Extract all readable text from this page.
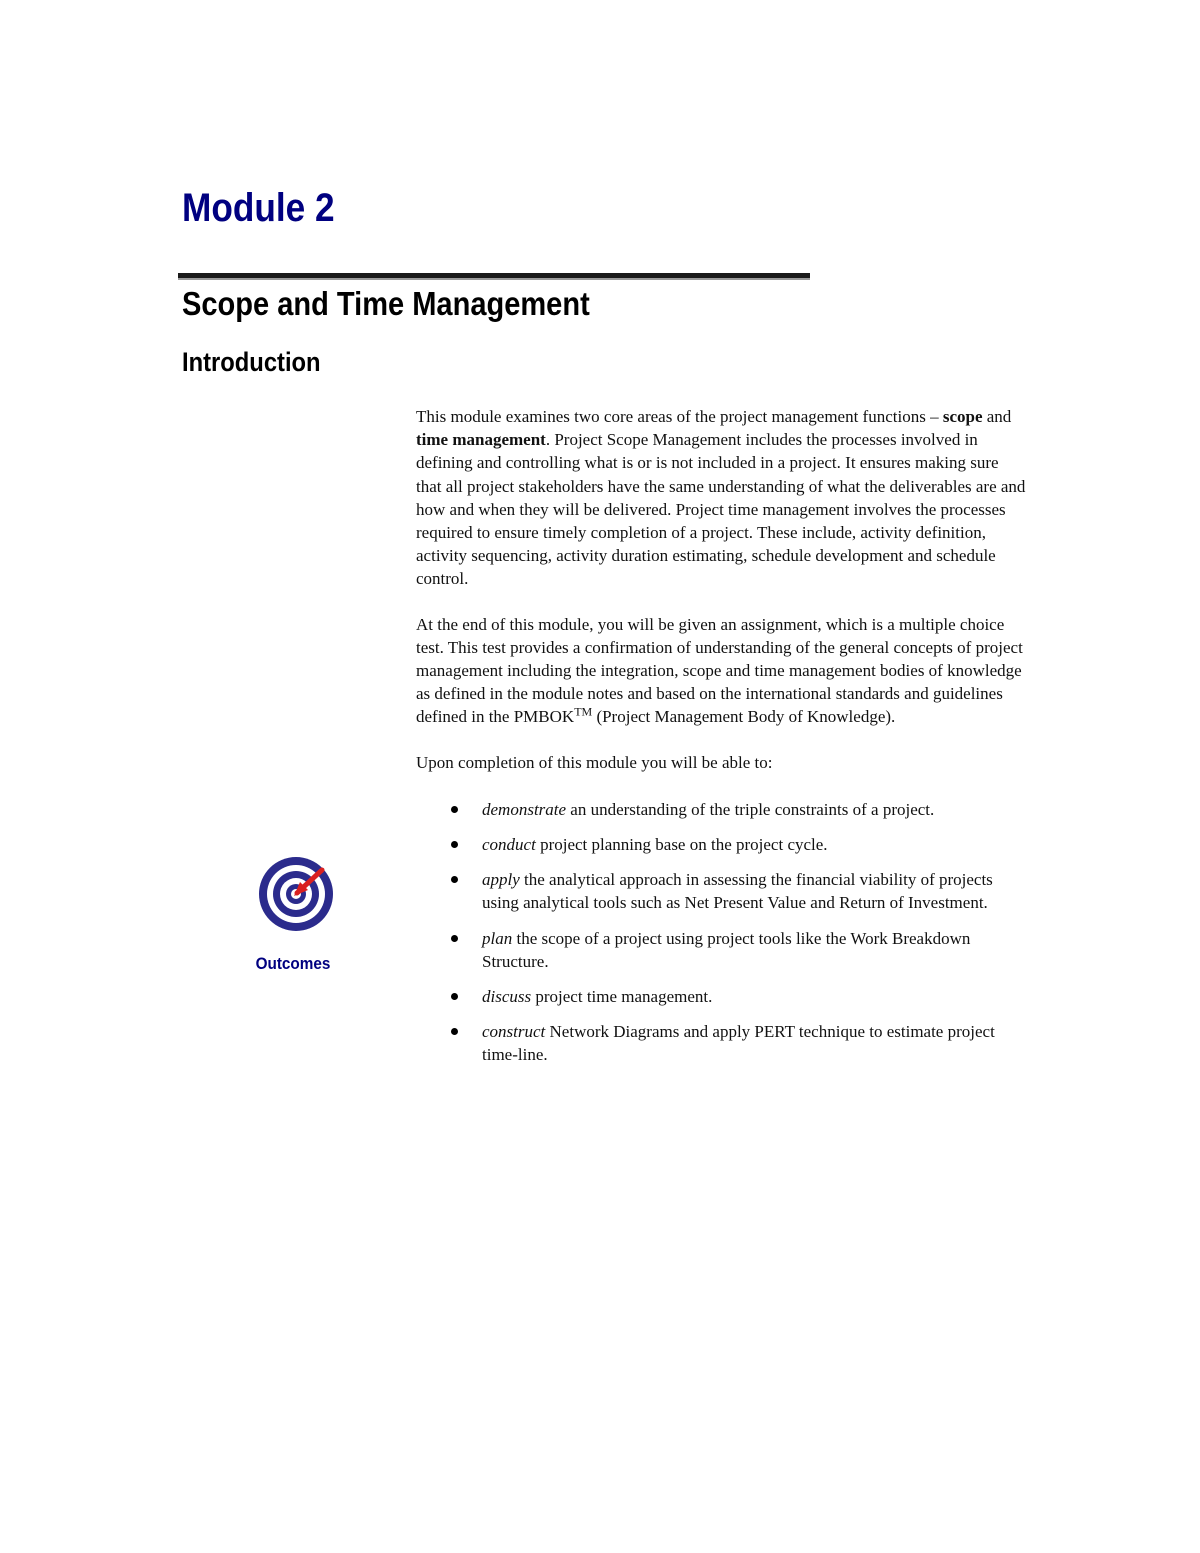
Module 2
Scope and Time Management
Introduction

This module examines two core areas of the project management functions – scope and time management. Project Scope Management includes the processes involved in defining and controlling what is or is not included in a project. It ensures making sure that all project stakeholders have the same understanding of what the deliverables are and how and when they will be delivered. Project time management involves the processes required to ensure timely completion of a project. These include, activity definition, activity sequencing, activity duration estimating, schedule development and schedule control.

At the end of this module, you will be given an assignment, which is a multiple choice test. This test provides a confirmation of understanding of the general concepts of project management including the integration, scope and time management bodies of knowledge as defined in the module notes and based on the international standards and guidelines defined in the PMBOK™ (Project Management Body of Knowledge).

Upon completion of this module you will be able to:

demonstrate an understanding of the triple constraints of a project.
conduct project planning base on the project cycle.
apply the analytical approach in assessing the financial viability of projects using analytical tools such as Net Present Value and Return of Investment.
plan the scope of a project using project tools like the Work Breakdown Structure.
discuss project time management.
construct Network Diagrams and apply PERT technique to estimate project time-line.
Outcomes
